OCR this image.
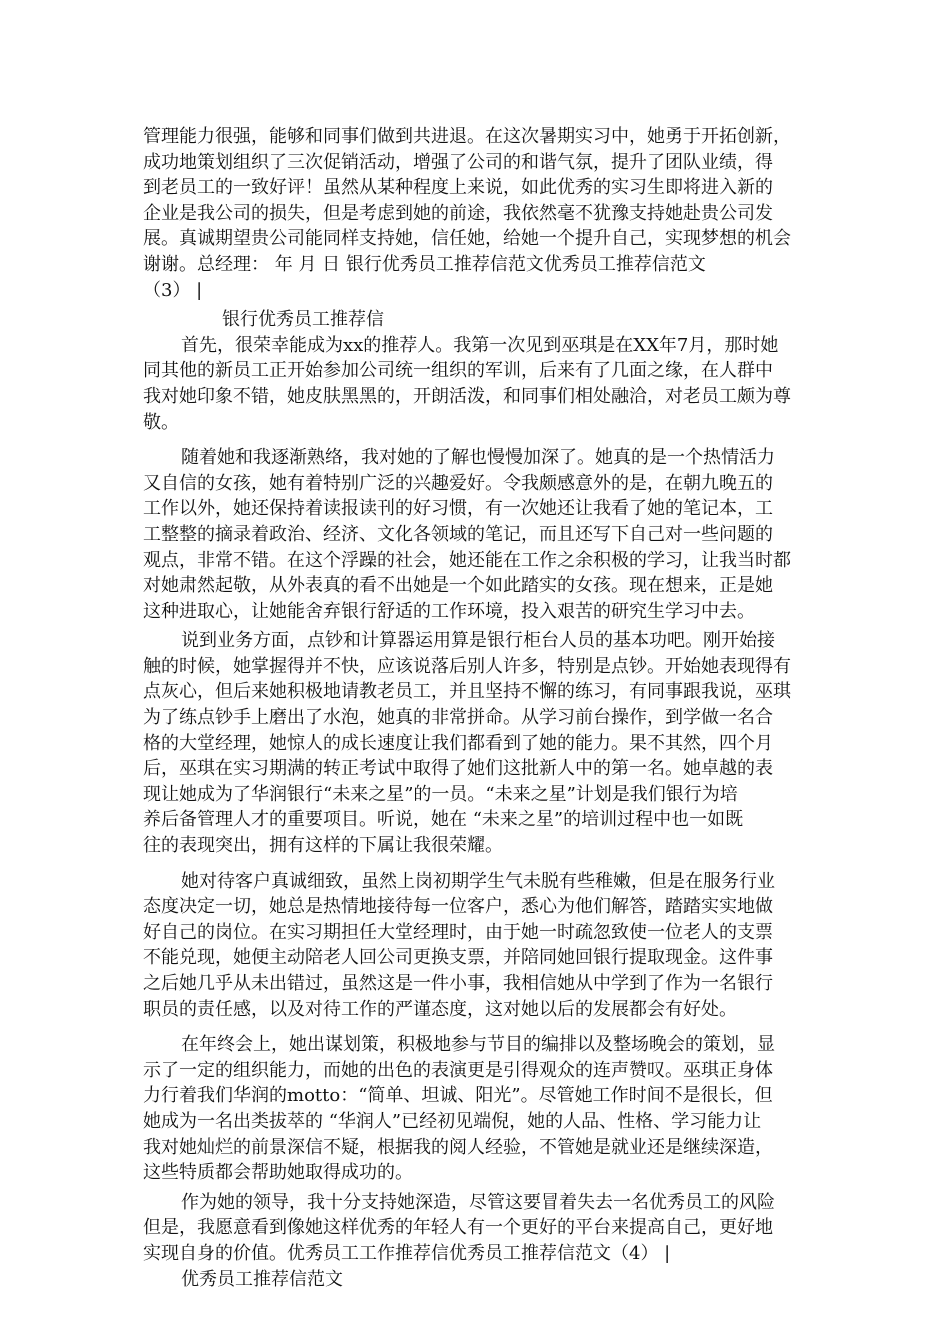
管理能力很强，能够和同事们做到共进退。在这次暑期实习中，她勇于开拓创新，
成功地策划组织了三次促销活动，增强了公司的和谐气氛，提升了团队业绩，得
到老员工的一致好评！虽然从某种程度上来说，如此优秀的实习生即将进入新的
企业是我公司的损失，但是考虑到她的前途，我依然毫不犹豫支持她赴贵公司发
展。真诚期望贵公司能同样支持她，信任她，给她一个提升自己，实现梦想的机会
谢谢。总经理： 年 月 日 银行优秀员工推荐信范文优秀员工推荐信范文
（3） |
银行优秀员工推荐信
首先，很荣幸能成为xx的推荐人。我第一次见到巫琪是在XX年7月，那时她
同其他的新员工正开始参加公司统一组织的军训，后来有了几面之缘，在人群中
我对她印象不错，她皮肤黑黑的，开朗活泼，和同事们相处融洽，对老员工颇为尊
敬。
随着她和我逐渐熟络，我对她的了解也慢慢加深了。她真的是一个热情活力
又自信的女孩，她有着特别广泛的兴趣爱好。令我颇感意外的是，在朝九晚五的
工作以外，她还保持着读报读刊的好习惯，有一次她还让我看了她的笔记本，工
工整整的摘录着政治、经济、文化各领域的笔记，而且还写下自己对一些问题的
观点，非常不错。在这个浮躁的社会，她还能在工作之余积极的学习，让我当时都
对她肃然起敬，从外表真的看不出她是一个如此踏实的女孩。现在想来，正是她
这种进取心，让她能舍弃银行舒适的工作环境，投入艰苦的研究生学习中去。
说到业务方面，点钞和计算器运用算是银行柜台人员的基本功吧。刚开始接
触的时候，她掌握得并不快，应该说落后别人许多，特别是点钞。开始她表现得有
点灰心，但后来她积极地请教老员工，并且坚持不懈的练习，有同事跟我说，巫琪
为了练点钞手上磨出了水泡，她真的非常拼命。从学习前台操作，到学做一名合
格的大堂经理，她惊人的成长速度让我们都看到了她的能力。果不其然，四个月
后，巫琪在实习期满的转正考试中取得了她们这批新人中的第一名。她卓越的表
现让她成为了华润银行“未来之星”的一员。“未来之星”计划是我们银行为培
养后备管理人才的重要项目。听说，她在 “未来之星”的培训过程中也一如既
往的表现突出，拥有这样的下属让我很荣耀。
她对待客户真诚细致，虽然上岗初期学生气未脱有些稚嫩，但是在服务行业
态度决定一切，她总是热情地接待每一位客户，悉心为他们解答，踏踏实实地做
好自己的岗位。在实习期担任大堂经理时，由于她一时疏忽致使一位老人的支票
不能兑现，她便主动陪老人回公司更换支票，并陪同她回银行提取现金。这件事
之后她几乎从未出错过，虽然这是一件小事，我相信她从中学到了作为一名银行
职员的责任感，以及对待工作的严谨态度，这对她以后的发展都会有好处。
在年终会上，她出谋划策，积极地参与节目的编排以及整场晚会的策划，显
示了一定的组织能力，而她的出色的表演更是引得观众的连声赞叹。巫琪正身体
力行着我们华润的motto：“简单、坦诚、阳光”。尽管她工作时间不是很长，但
她成为一名出类拔萃的 “华润人”已经初见端倪，她的人品、性格、学习能力让
我对她灿烂的前景深信不疑，根据我的阅人经验，不管她是就业还是继续深造，
这些特质都会帮助她取得成功的。
作为她的领导，我十分支持她深造，尽管这要冒着失去一名优秀员工的风险
但是，我愿意看到像她这样优秀的年轻人有一个更好的平台来提高自己，更好地
实现自身的价值。优秀员工工作推荐信优秀员工推荐信范文（4） |
优秀员工推荐信范文
